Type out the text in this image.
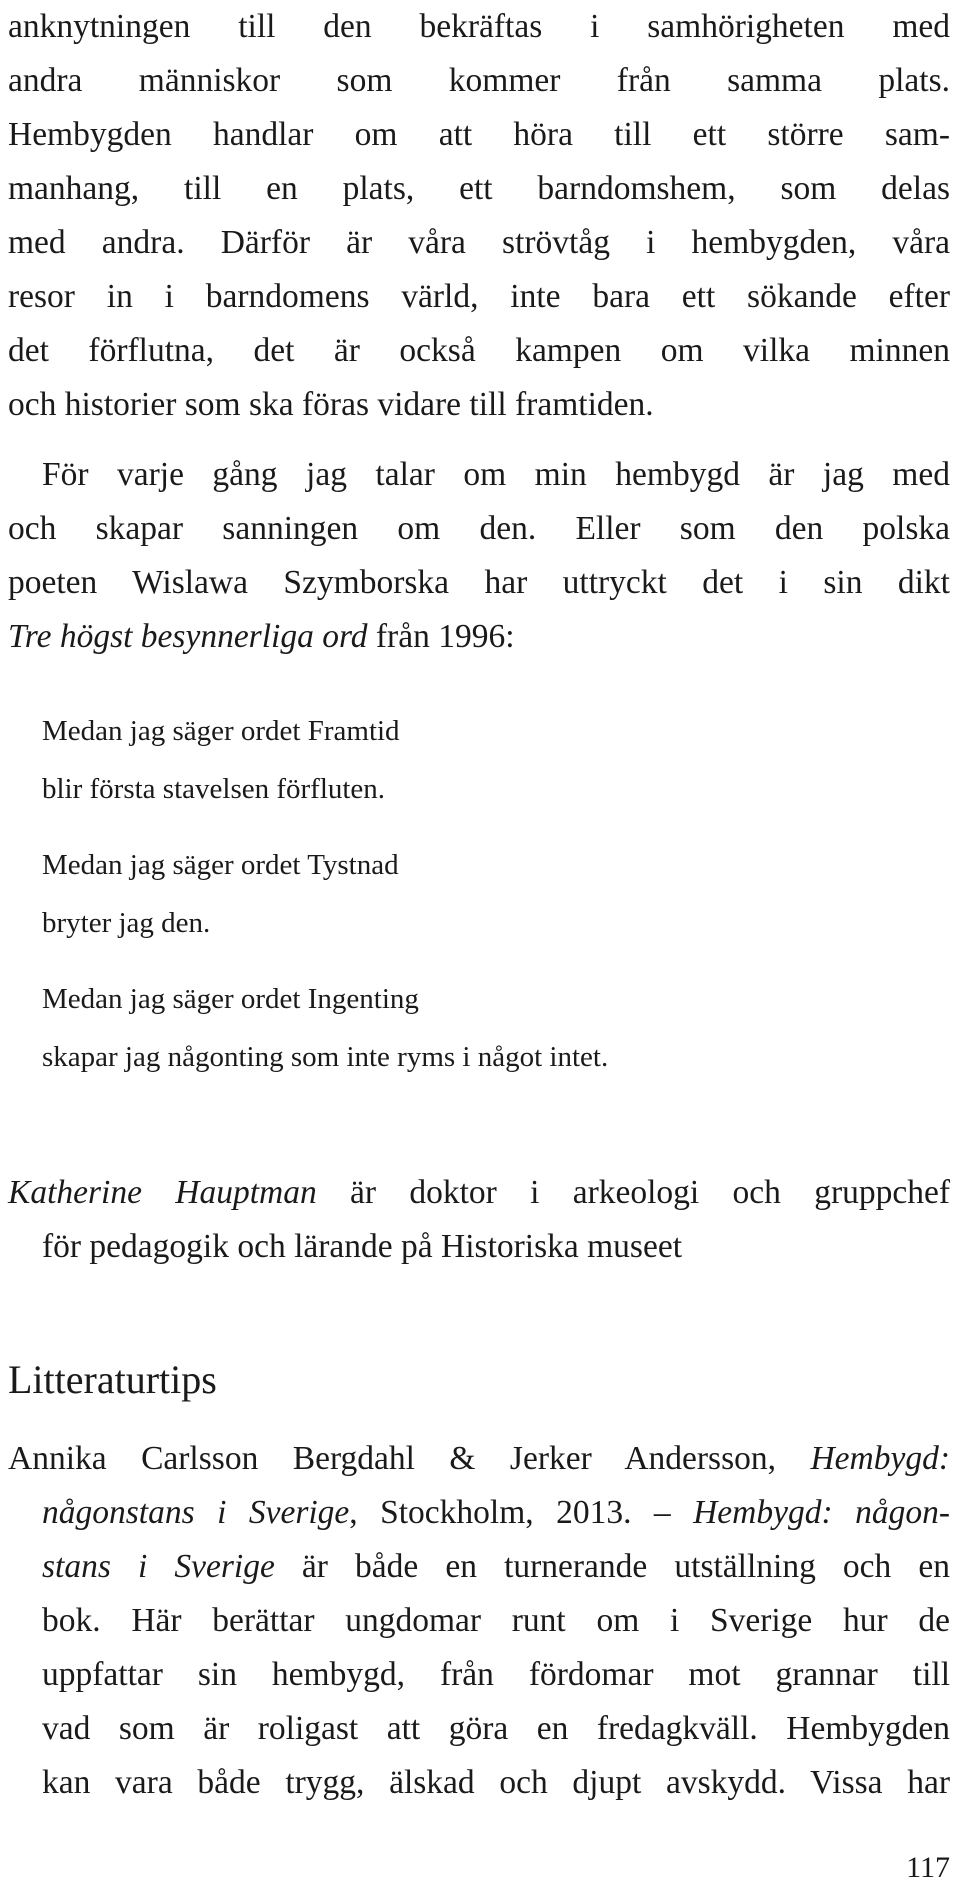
anknytningen till den bekräftas i samhörigheten med
andra människor som kommer från samma plats.
Hembygden handlar om att höra till ett större sam-
manhang, till en plats, ett barndomshem, som delas
med andra. Därför är våra strövtåg i hembygden, våra
resor in i barndomens värld, inte bara ett sökande efter
det förflutna, det är också kampen om vilka minnen
och historier som ska föras vidare till framtiden.
För varje gång jag talar om min hembygd är jag med
och skapar sanningen om den. Eller som den polska
poeten Wislawa Szymborska har uttryckt det i sin dikt
Tre högst besynnerliga ord från 1996:
Medan jag säger ordet Framtid
blir första stavelsen förfluten.
Medan jag säger ordet Tystnad
bryter jag den.
Medan jag säger ordet Ingenting
skapar jag någonting som inte ryms i något intet.
Katherine Hauptman är doktor i arkeologi och gruppchef
för pedagogik och lärande på Historiska museet
Litteraturtips
Annika Carlsson Bergdahl & Jerker Andersson, Hembygd:
någonstans i Sverige, Stockholm, 2013. – Hembygd: någon-
stans i Sverige är både en turnerande utställning och en
bok. Här berättar ungdomar runt om i Sverige hur de
uppfattar sin hembygd, från fördomar mot grannar till
vad som är roligast att göra en fredagkväll. Hembygden
kan vara både trygg, älskad och djupt avskydd. Vissa har
117
